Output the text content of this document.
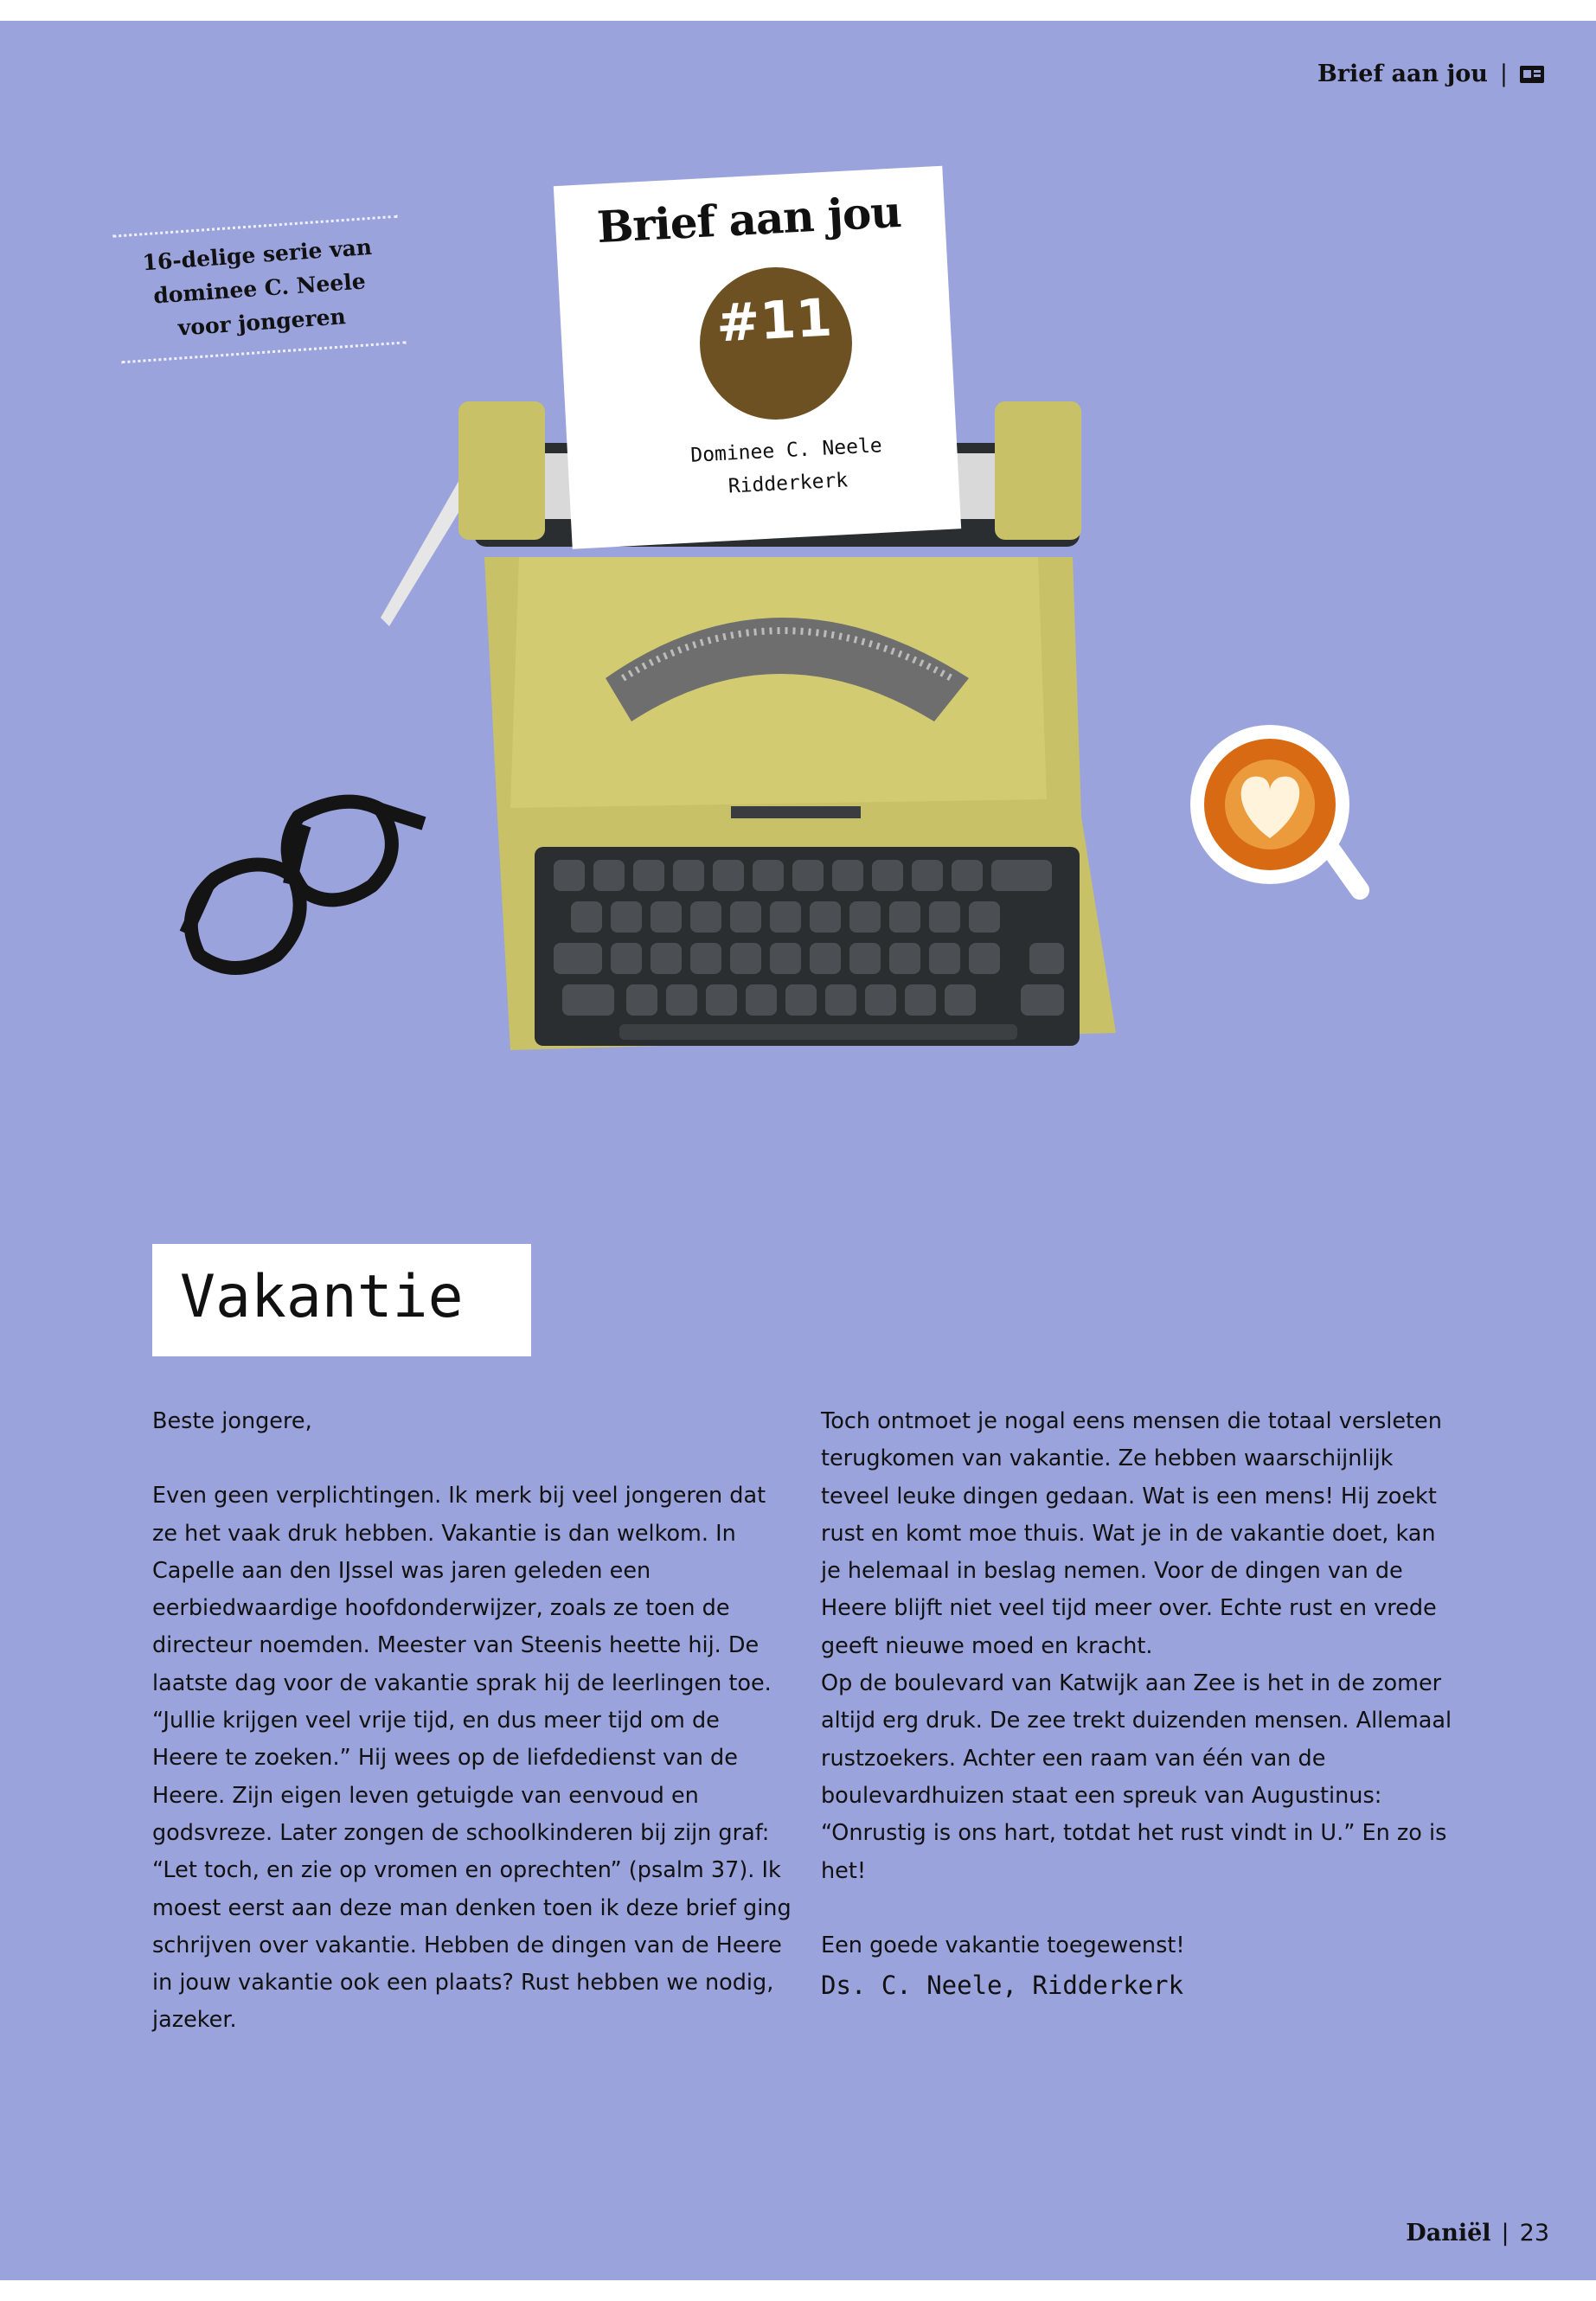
Brief aan jou |
16-delige serie van
dominee C. Neele
voor jongeren
Brief aan jou
#11
Dominee C. Neele
Ridderkerk
Vakantie

Beste jongere,

Even geen verplichtingen. Ik merk bij veel jongeren dat ze het vaak druk hebben. Vakantie is dan welkom. In Capelle aan den IJssel was jaren geleden een eerbiedwaardige hoofdonderwijzer, zoals ze toen de directeur noemden. Meester van Steenis heette hij. De laatste dag voor de vakantie sprak hij de leerlingen toe. “Jullie krijgen veel vrije tijd, en dus meer tijd om de Heere te zoeken.” Hij wees op de liefdedienst van de Heere. Zijn eigen leven getuigde van eenvoud en godsvreze. Later zongen de schoolkinderen bij zijn graf: “Let toch, en zie op vromen en oprechten” (psalm 37). Ik moest eerst aan deze man denken toen ik deze brief ging schrijven over vakantie. Hebben de dingen van de Heere in jouw vakantie ook een plaats? Rust hebben we nodig, jazeker.

Toch ontmoet je nogal eens mensen die totaal versleten terugkomen van vakantie. Ze hebben waarschijnlijk teveel leuke dingen gedaan. Wat is een mens! Hij zoekt rust en komt moe thuis. Wat je in de vakantie doet, kan je helemaal in beslag nemen. Voor de dingen van de Heere blijft niet veel tijd meer over. Echte rust en vrede geeft nieuwe moed en kracht.

Op de boulevard van Katwijk aan Zee is het in de zomer altijd erg druk. De zee trekt duizenden mensen. Allemaal rustzoekers. Achter een raam van één van de boulevardhuizen staat een spreuk van Augustinus: “Onrustig is ons hart, totdat het rust vindt in U.” En zo is het!

Een goede vakantie toegewenst!

Ds. C. Neele, Ridderkerk
Daniël | 23
